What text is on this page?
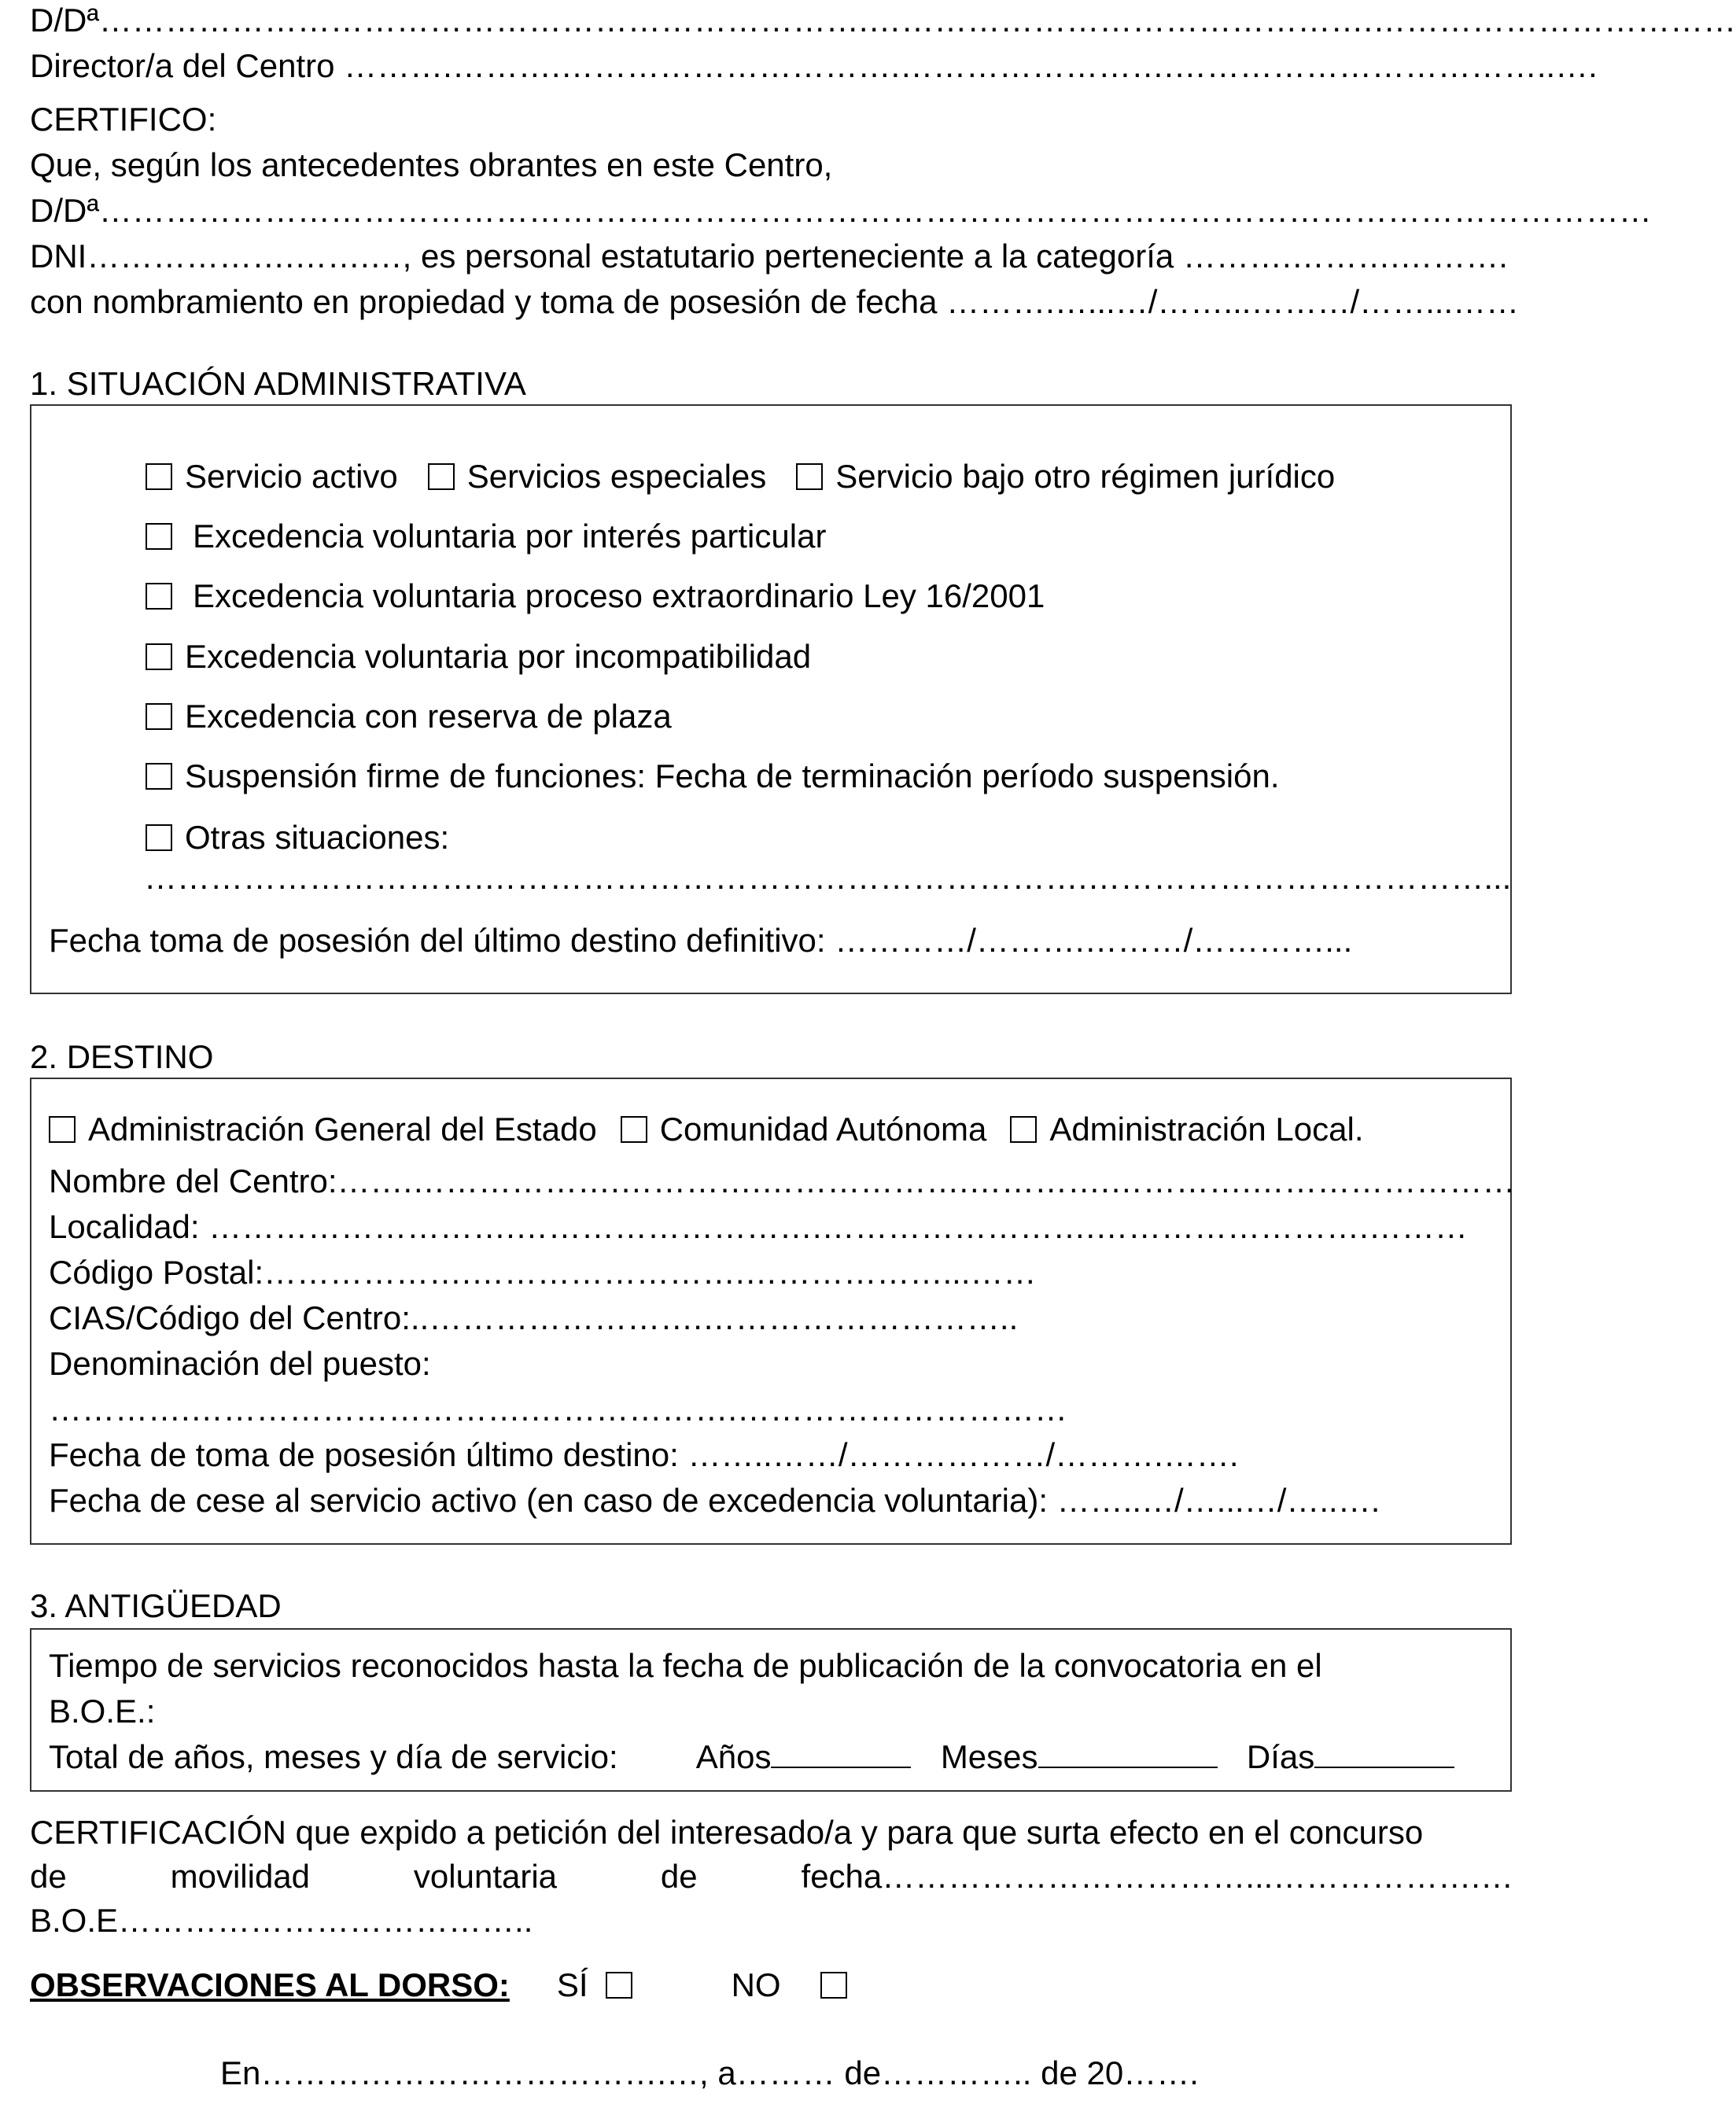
D/Dª…………………………………………………………….……………………………………….……………………………
Director/a del Centro ……….……….………………………….…………………….……………………………..….
CERTIFICO:
Que, según los antecedentes obrantes en este Centro,
D/Dª……………………………………………………………………………………………………………………………
DNI……………….…….…, es personal estatutario perteneciente a la categoría ……….……….……….
con nombramiento en propiedad y toma de posesión de fecha ……….…...…/……...………/……...……
1. SITUACIÓN ADMINISTRATIVA
Servicio activo Servicios especiales Servicio bajo otro régimen jurídico
Excedencia voluntaria por interés particular
Excedencia voluntaria proceso extraordinario Ley 16/2001
Excedencia voluntaria por incompatibilidad
Excedencia con reserva de plaza
Suspensión firme de funciones: Fecha de terminación período suspensión.
Otras situaciones:
………………………….……………………………………………….………………………………...
Fecha toma de posesión del último destino definitivo: …………/……….………/…………...
2. DESTINO
Administración General del Estado Comunidad Autónoma Administración Local.
Nombre del Centro:…….……………….………….……………….………….………….……………………
Localidad: ……………………….……………………….…………………….…………………….………
Código Postal:……………….…………………….………………...……
CIAS/Código del Centro:..…………………….………………………..
Denominación del puesto:
………….………………………….……………….…………………………
Fecha de toma de posesión último destino: ……..……/………………/……….…….
Fecha de cese al servicio activo (en caso de excedencia voluntaria): ……..…/…...…/…..….
3. ANTIGÜEDAD
Tiempo de servicios reconocidos hasta la fecha de publicación de la convocatoria en el
B.O.E.:
Total de años, meses y día de servicio: Años	Meses	Días
CERTIFICACIÓN que expido a petición del interesado/a y para que surta efecto en el concurso
de	movilidad	voluntaria	de	fecha……………………………...……………….…
B.O.E………………………………..
OBSERVACIONES AL DORSO: SÍ	NO
En……………………………….…, a……… de………….. de 20…….
